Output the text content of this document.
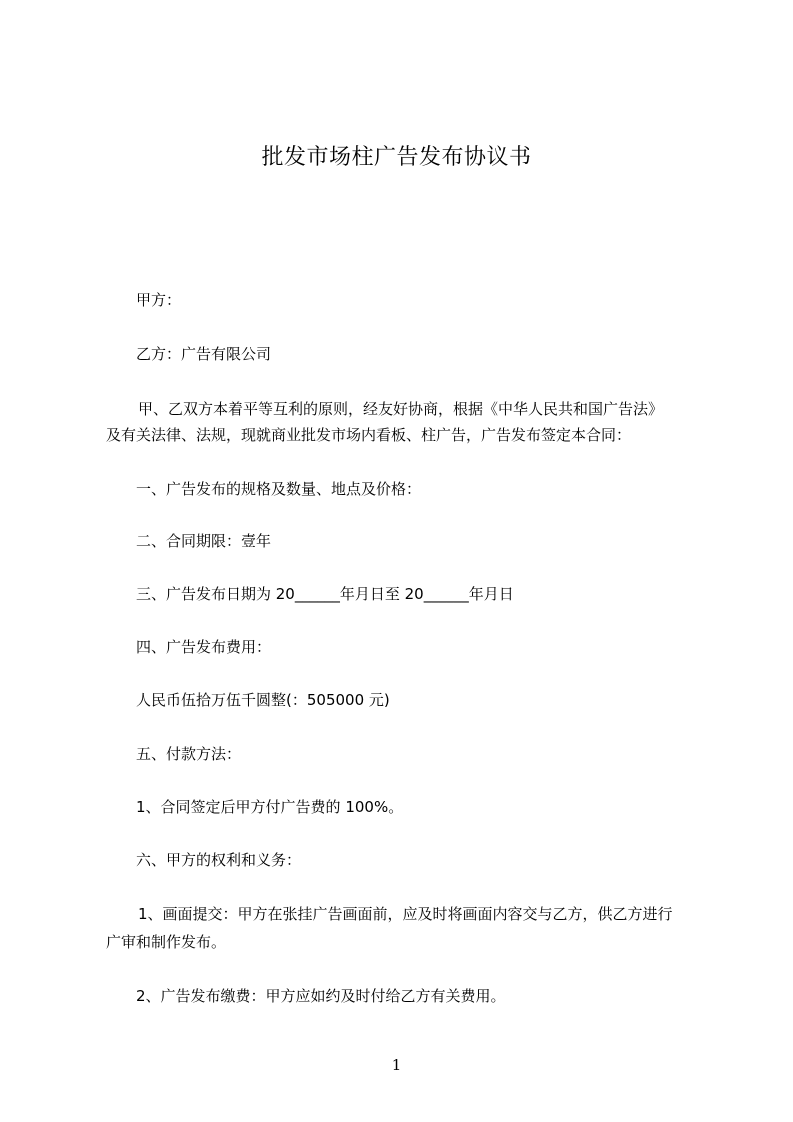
批发市场柱广告发布协议书
甲方：
乙方：广告有限公司
甲、乙双方本着平等互利的原则，经友好协商，根据《中华人民共和国广告法》
及有关法律、法规，现就商业批发市场内看板、柱广告，广告发布签定本合同：
一、广告发布的规格及数量、地点及价格：
二、合同期限：壹年
三、广告发布日期为 20______年月日至 20______年月日
四、广告发布费用：
人民币伍拾万伍千圆整(：505000 元)
五、付款方法：
1、合同签定后甲方付广告费的 100%。
六、甲方的权利和义务：
1、画面提交：甲方在张挂广告画面前，应及时将画面内容交与乙方，供乙方进行
广审和制作发布。
2、广告发布缴费：甲方应如约及时付给乙方有关费用。
1
